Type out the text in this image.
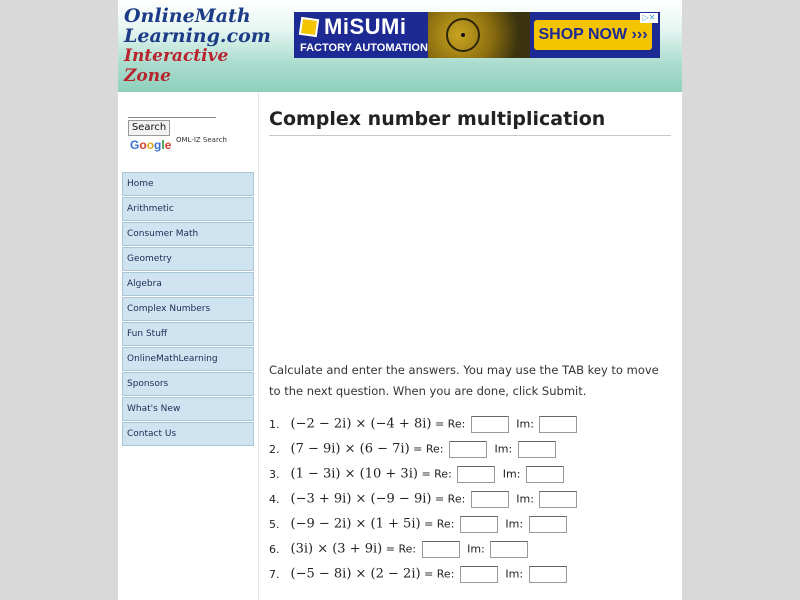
OnlineMath
Learning.com
Interactive Zone
MiSUMi
FACTORY AUTOMATION
SHOP NOW ›››
▷✕
Search
Google OML-IZ Search
Home
Arithmetic
Consumer Math
Geometry
Algebra
Complex Numbers
Fun Stuff
OnlineMathLearning
Sponsors
What's New
Contact Us
Complex number multiplication

Calculate and enter the answers. You may use the TAB key to move to the next question. When you are done, click Submit.

1. (−2 − 2i) × (−4 + 8i) = Re:	Im:
2. (7 − 9i) × (6 − 7i) = Re:	Im:
3. (1 − 3i) × (10 + 3i) = Re:	Im:
4. (−3 + 9i) × (−9 − 9i) = Re:	Im:
5. (−9 − 2i) × (1 + 5i) = Re:	Im:
6. (3i) × (3 + 9i) = Re:	Im:
7. (−5 − 8i) × (2 − 2i) = Re:	Im:
